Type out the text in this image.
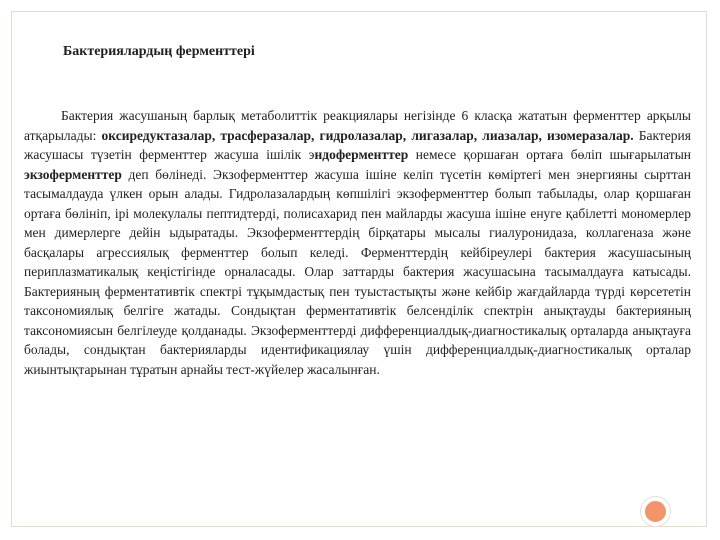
Бактериялардың ферменттері

Бактерия жасушаның барлық метаболиттік реакциялары негізінде 6 класқа жататын ферменттер арқылы атқарылады: оксиредуктазалар, трасферазалар, гидролазалар, лигазалар, лиазалар, изомеразалар. Бактерия жасушасы түзетін ферменттер жасуша ішілік эндоферменттер немесе қоршаған ортаға бөліп шығарылатын экзоферменттер деп бөлінеді. Экзоферменттер жасуша ішіне келіп түсетін көміртегі мен энергияны сырттан тасымалдауда үлкен орын алады. Гидролазалардың көпшілігі экзоферменттер болып табылады, олар қоршаған ортаға бөлініп, ірі молекулалы пептидтерді, полисахарид пен майларды жасуша ішіне енуге қабілетті мономерлер мен димерлерге дейін ыдыратады. Экзоферменттердің бірқатары мысалы гиалуронидаза, коллагеназа және басқалары агрессиялық ферменттер болып келеді. Ферменттердің кейбіреулері бактерия жасушасының периплазматикалық кеңістігінде орналасады. Олар заттарды бактерия жасушасына тасымалдауға катысады. Бактерияның ферментативтік спектрі тұқымдастық пен туыстастықты және кейбір жағдайларда түрді көрсететін таксономиялық белгіге жатады. Сондықтан ферментативтік белсенділік спектрін анықтауды бактерияның таксономиясын белгілеуде қолданады. Экзоферменттерді дифференциалдық-диагностикалық орталарда анықтауға болады, сондықтан бактерияларды идентификациялау үшін дифференциалдық-диагностикалық орталар жиынтықтарынан тұратын арнайы тест-жүйелер жасалынған.
